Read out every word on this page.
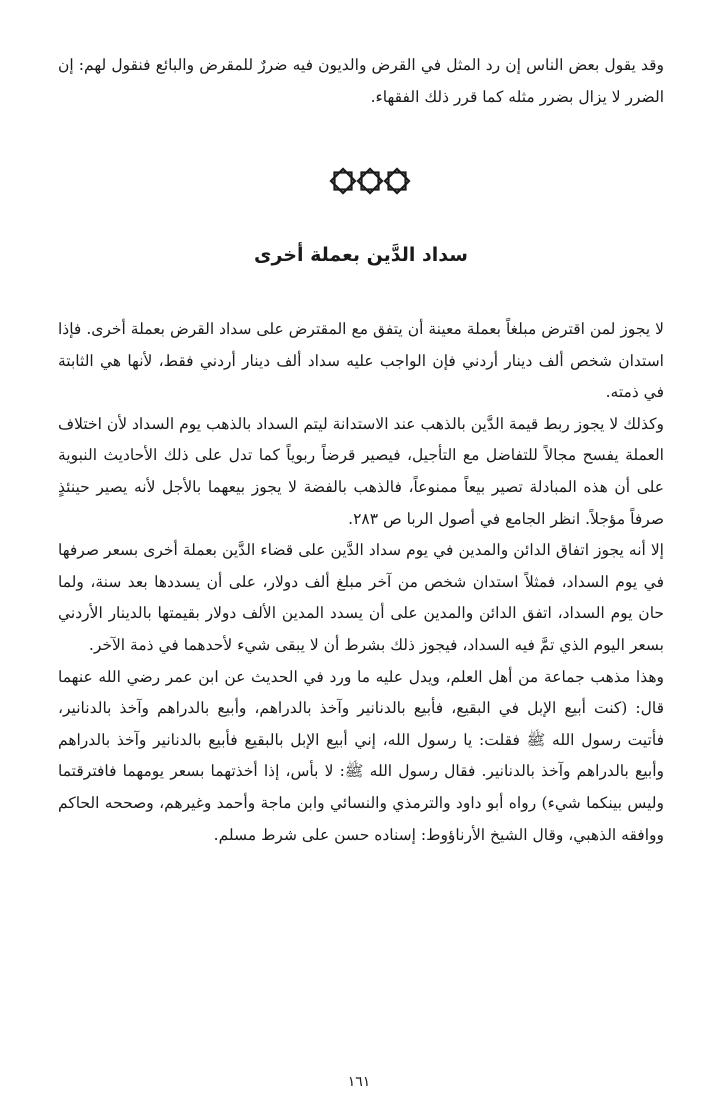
وقد يقول بعض الناس إن رد المثل في القرض والديون فيه ضررٌ للمقرض والبائع فنقول لهم: إن الضرر لا يزال بضرر مثله كما قرر ذلك الفقهاء.

سداد الدَّين بعملة أخرى

لا يجوز لمن اقترض مبلغاً بعملة معينة أن يتفق مع المقترض على سداد القرض بعملة أخرى. فإذا استدان شخص ألف دينار أردني فإن الواجب عليه سداد ألف دينار أردني فقط، لأنها هي الثابتة في ذمته.

وكذلك لا يجوز ربط قيمة الدَّين بالذهب عند الاستدانة ليتم السداد بالذهب يوم السداد لأن اختلاف العملة يفسح مجالاً للتفاضل مع التأجيل، فيصير قرضاً ربوياً كما تدل على ذلك الأحاديث النبوية على أن هذه المبادلة تصير بيعاً ممنوعاً، فالذهب بالفضة لا يجوز بيعهما بالأجل لأنه يصير حينئذٍ صرفاً مؤجلاً. انظر الجامع في أصول الربا ص ٢٨٣.

إلا أنه يجوز اتفاق الدائن والمدين في يوم سداد الدَّين على قضاء الدَّين بعملة أخرى بسعر صرفها في يوم السداد، فمثلاً استدان شخص من آخر مبلغ ألف دولار، على أن يسددها بعد سنة، ولما حان يوم السداد، اتفق الدائن والمدين على أن يسدد المدين الألف دولار بقيمتها بالدينار الأردني بسعر اليوم الذي تمَّ فيه السداد، فيجوز ذلك بشرط أن لا يبقى شيء لأحدهما في ذمة الآخر.

وهذا مذهب جماعة من أهل العلم، ويدل عليه ما ورد في الحديث عن ابن عمر رضي الله عنهما قال: (كنت أبيع الإبل في البقيع، فأبيع بالدنانير وآخذ بالدراهم، وأبيع بالدراهم وآخذ بالدنانير، فأتيت رسول الله ﷺ فقلت: يا رسول الله، إني أبيع الإبل بالبقيع فأبيع بالدنانير وآخذ بالدراهم وأبيع بالدراهم وآخذ بالدنانير. فقال رسول الله ﷺ: لا بأس، إذا أخذتهما بسعر يومهما فافترقتما وليس بينكما شيء) رواه أبو داود والترمذي والنسائي وابن ماجة وأحمد وغيرهم، وصححه الحاكم ووافقه الذهبي، وقال الشيخ الأرناؤوط: إسناده حسن على شرط مسلم.

١٦١
